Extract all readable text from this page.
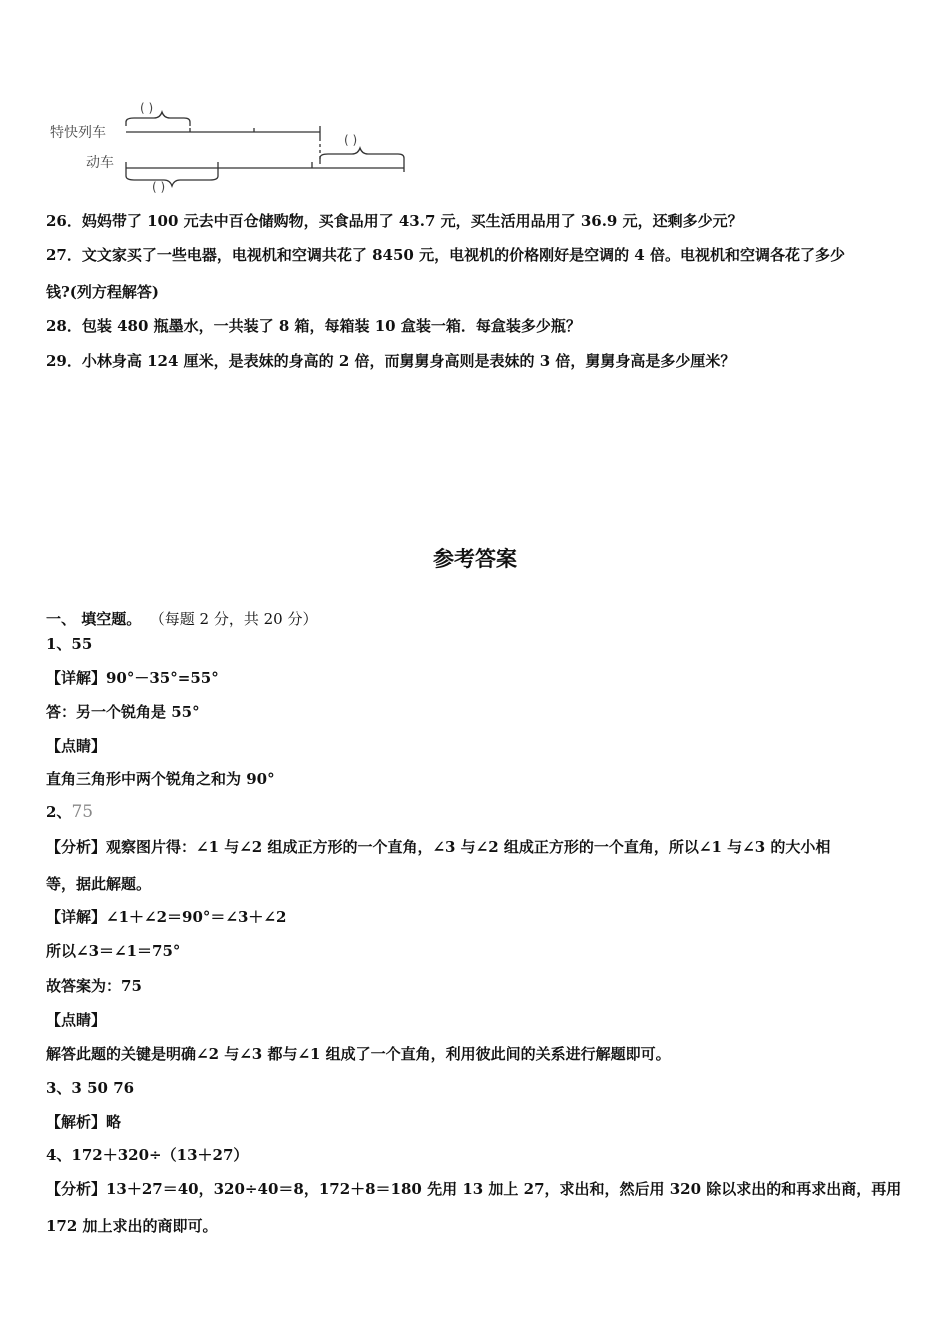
特快列车
动车
( )
( )
( )
26．妈妈带了 100 元去中百仓储购物，买食品用了 43.7 元，买生活用品用了 36.9 元，还剩多少元？
27．文文家买了一些电器，电视机和空调共花了 8450 元，电视机的价格刚好是空调的 4 倍。电视机和空调各花了多少
钱?(列方程解答)
28．包装 480 瓶墨水，一共装了 8 箱，每箱装 10 盒装一箱．每盒装多少瓶？
29．小林身高 124 厘米，是表妹的身高的 2 倍，而舅舅身高则是表妹的 3 倍，舅舅身高是多少厘米？
参考答案
一、 填空题。 （每题 2 分，共 20 分）
1、55
【详解】90°－35°=55°
答：另一个锐角是 55°
【点睛】
直角三角形中两个锐角之和为 90°
2、75
【分析】观察图片得：∠1 与∠2 组成正方形的一个直角，∠3 与∠2 组成正方形的一个直角，所以∠1 与∠3 的大小相
等，据此解题。
【详解】∠1＋∠2＝90°＝∠3＋∠2
所以∠3＝∠1＝75°
故答案为：75
【点睛】
解答此题的关键是明确∠2 与∠3 都与∠1 组成了一个直角，利用彼此间的关系进行解题即可。
3、3 50 76
【解析】略
4、172＋320÷（13＋27）
【分析】13＋27＝40，320÷40＝8，172＋8＝180 先用 13 加上 27，求出和，然后用 320 除以求出的和再求出商，再用
172 加上求出的商即可。
